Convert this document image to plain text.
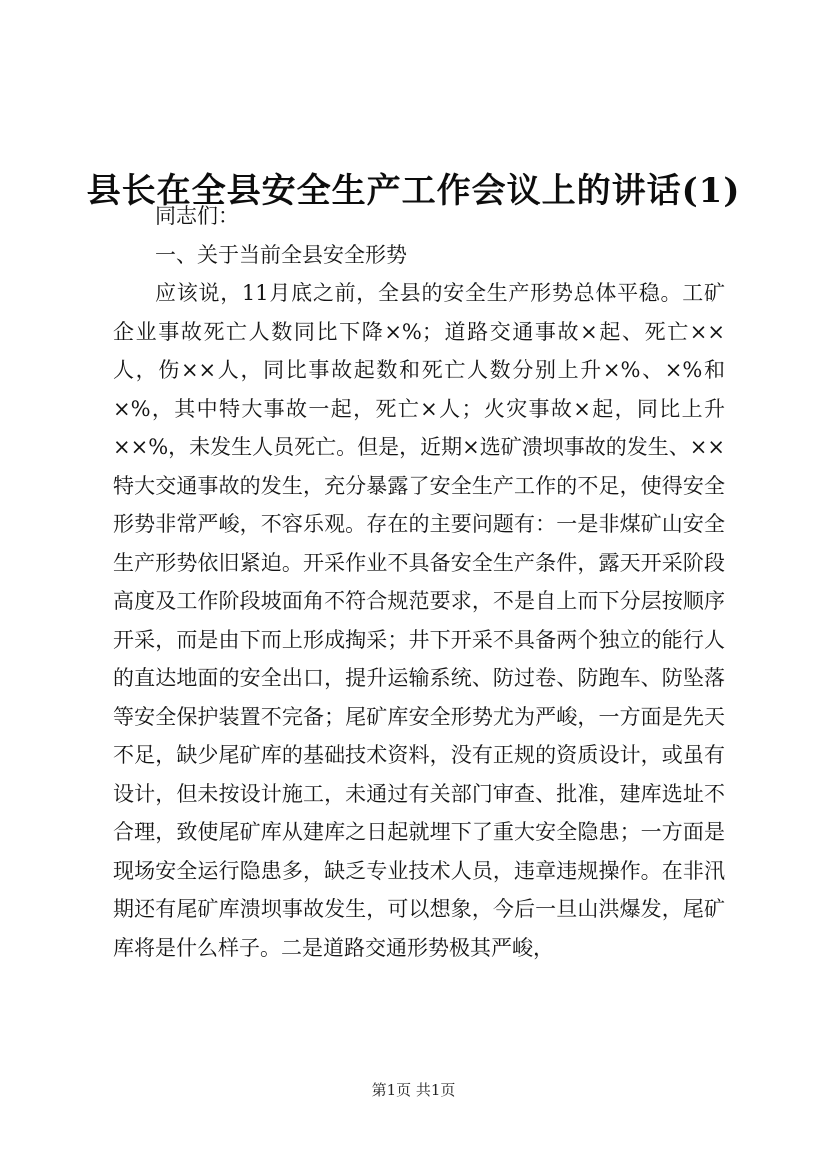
县长在全县安全生产工作会议上的讲话(1)

同志们：

一、关于当前全县安全形势

应该说，11月底之前，全县的安全生产形势总体平稳。工矿企业事故死亡人数同比下降×%；道路交通事故×起、死亡××人，伤××人，同比事故起数和死亡人数分别上升×%、×%和×%，其中特大事故一起，死亡×人；火灾事故×起，同比上升××%，未发生人员死亡。但是，近期×选矿溃坝事故的发生、××特大交通事故的发生，充分暴露了安全生产工作的不足，使得安全形势非常严峻，不容乐观。存在的主要问题有：一是非煤矿山安全生产形势依旧紧迫。开采作业不具备安全生产条件，露天开采阶段高度及工作阶段坡面角不符合规范要求，不是自上而下分层按顺序开采，而是由下而上形成掏采；井下开采不具备两个独立的能行人的直达地面的安全出口，提升运输系统、防过卷、防跑车、防坠落等安全保护装置不完备；尾矿库安全形势尤为严峻，一方面是先天不足，缺少尾矿库的基础技术资料，没有正规的资质设计，或虽有设计，但未按设计施工，未通过有关部门审查、批准，建库选址不合理，致使尾矿库从建库之日起就埋下了重大安全隐患；一方面是现场安全运行隐患多，缺乏专业技术人员，违章违规操作。在非汛期还有尾矿库溃坝事故发生，可以想象，今后一旦山洪爆发，尾矿库将是什么样子。二是道路交通形势极其严峻，

第1页 共1页
